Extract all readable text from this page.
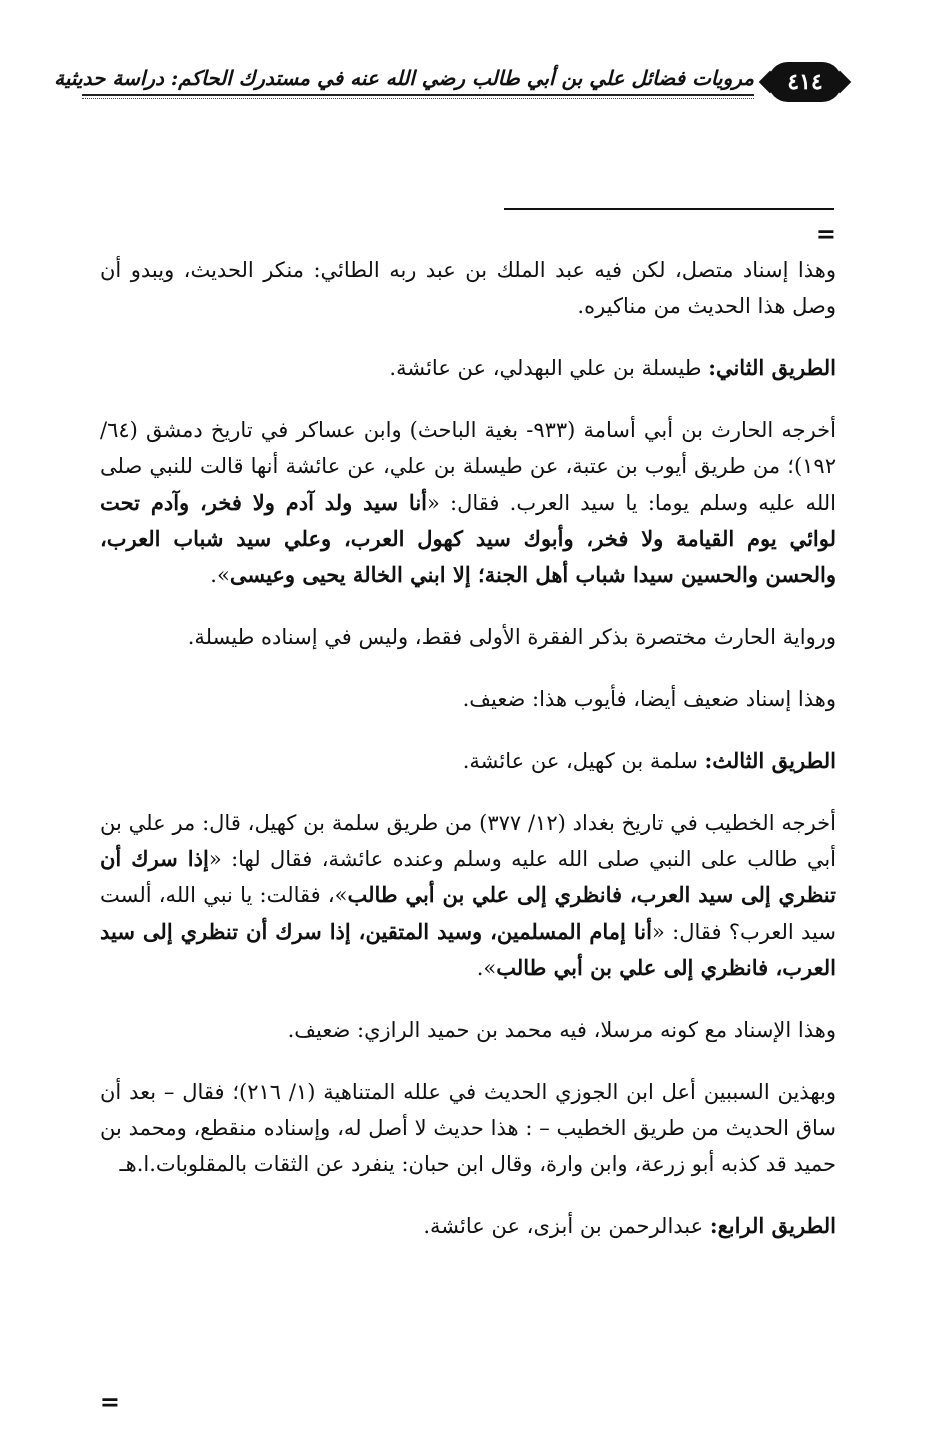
٤١٤
مرويات فضائل علي بن أبي طالب رضي الله عنه في مستدرك الحاكم: دراسة حديثية
=

وهذا إسناد متصل، لكن فيه عبد الملك بن عبد ربه الطائي: منكر الحديث، ويبدو أن وصل هذا الحديث من مناكيره.

الطريق الثاني: طيسلة بن علي البهدلي، عن عائشة.

أخرجه الحارث بن أبي أسامة (٩٣٣- بغية الباحث) وابن عساكر في تاريخ دمشق (٦٤/ ١٩٢)؛ من طريق أيوب بن عتبة، عن طيسلة بن علي، عن عائشة أنها قالت للنبي صلى الله عليه وسلم يوما: يا سيد العرب. فقال: «أنا سيد ولد آدم ولا فخر، وآدم تحت لوائي يوم القيامة ولا فخر، وأبوك سيد كهول العرب، وعلي سيد شباب العرب، والحسن والحسين سيدا شباب أهل الجنة؛ إلا ابني الخالة يحيى وعيسى».

ورواية الحارث مختصرة بذكر الفقرة الأولى فقط، وليس في إسناده طيسلة.

وهذا إسناد ضعيف أيضا، فأيوب هذا: ضعيف.

الطريق الثالث: سلمة بن كهيل، عن عائشة.

أخرجه الخطيب في تاريخ بغداد (١٢/ ٣٧٧) من طريق سلمة بن كهيل، قال: مر علي بن أبي طالب على النبي صلى الله عليه وسلم وعنده عائشة، فقال لها: «إذا سرك أن تنظري إلى سيد العرب، فانظري إلى علي بن أبي طالب»، فقالت: يا نبي الله، ألست سيد العرب؟ فقال: «أنا إمام المسلمين، وسيد المتقين، إذا سرك أن تنظري إلى سيد العرب، فانظري إلى علي بن أبي طالب».

وهذا الإسناد مع كونه مرسلا، فيه محمد بن حميد الرازي: ضعيف.

وبهذين السببين أعل ابن الجوزي الحديث في علله المتناهية (١/ ٢١٦)؛ فقال – بعد أن ساق الحديث من طريق الخطيب – : هذا حديث لا أصل له، وإسناده منقطع، ومحمد بن حميد قد كذبه أبو زرعة، وابن وارة، وقال ابن حبان: ينفرد عن الثقات بالمقلوبات.ا.هـ

الطريق الرابع: عبدالرحمن بن أبزى، عن عائشة.

=
